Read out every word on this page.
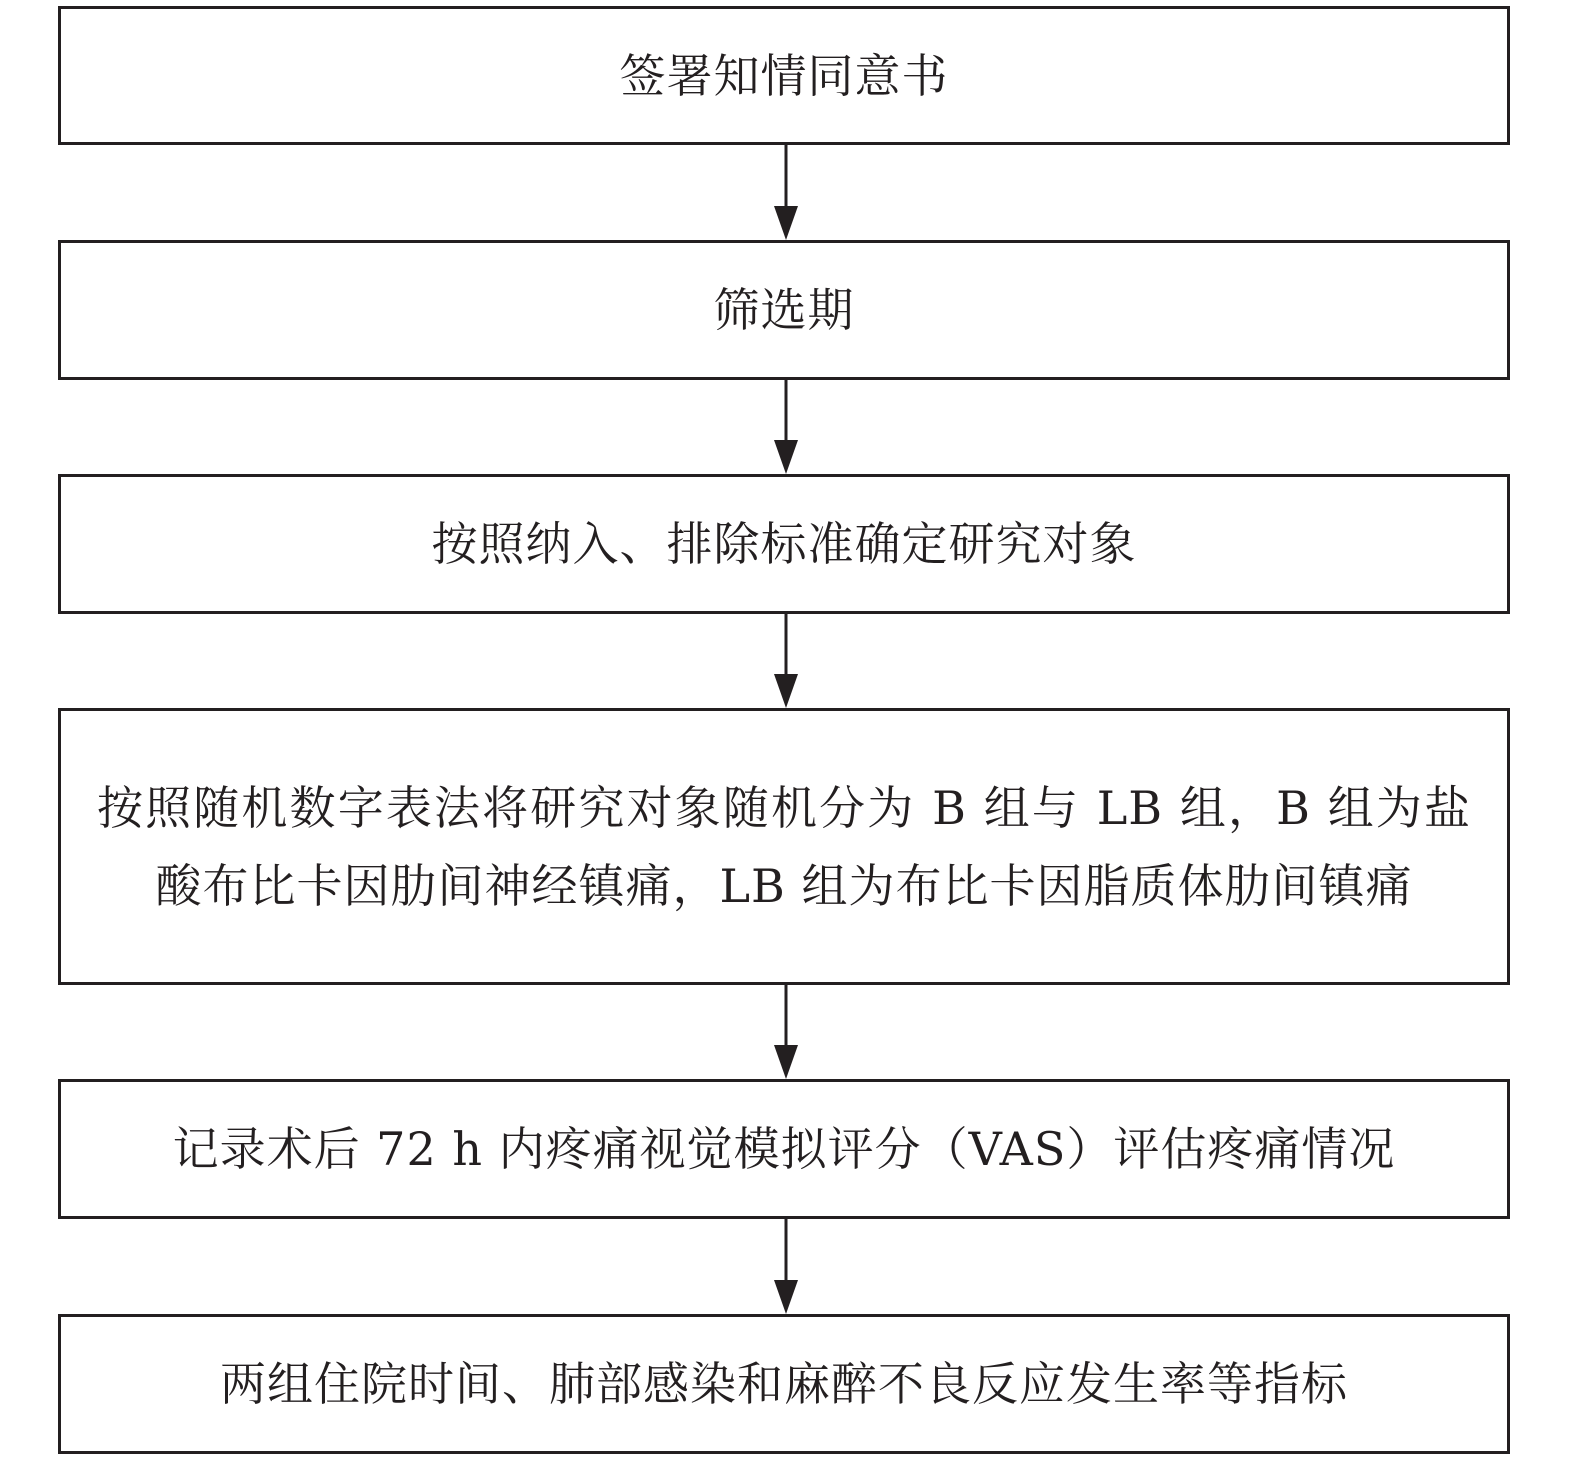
签署知情同意书
筛选期
按照纳入、排除标准确定研究对象
按照随机数字表法将研究对象随机分为 B 组与 LB 组，B 组为盐酸布比卡因肋间神经镇痛，LB 组为布比卡因脂质体肋间镇痛
记录术后 72 h 内疼痛视觉模拟评分（VAS）评估疼痛情况
两组住院时间、肺部感染和麻醉不良反应发生率等指标
